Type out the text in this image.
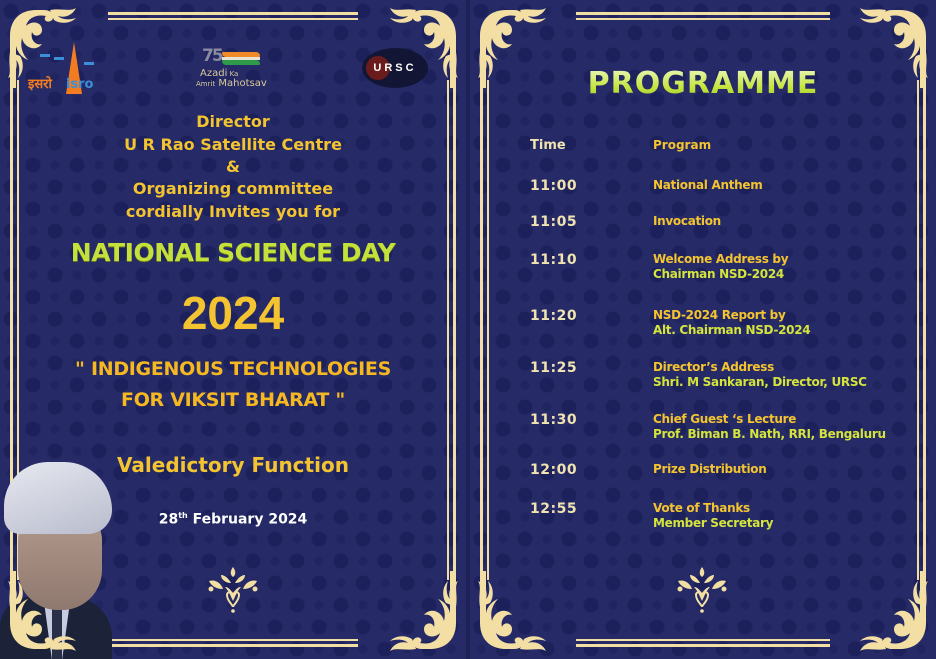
इसरो isro
75
Azadi Ka
Amrit Mahotsav
URSC
Director
U R Rao Satellite Centre
&
Organizing committee
cordially Invites you for
NATIONAL SCIENCE DAY
2024
" INDIGENOUS TECHNOLOGIES
FOR VIKSIT BHARAT "
Valedictory Function
28th February 2024
PROGRAMME
Time	Program
11:00	National Anthem
11:05	Invocation
11:10	Welcome Address by
Chairman NSD-2024
11:20	NSD-2024 Report by
Alt. Chairman NSD-2024
11:25	Director’s Address
Shri. M Sankaran, Director, URSC
11:30	Chief Guest ‘s Lecture
Prof. Biman B. Nath, RRI, Bengaluru
12:00	Prize Distribution
12:55	Vote of Thanks
Member Secretary
